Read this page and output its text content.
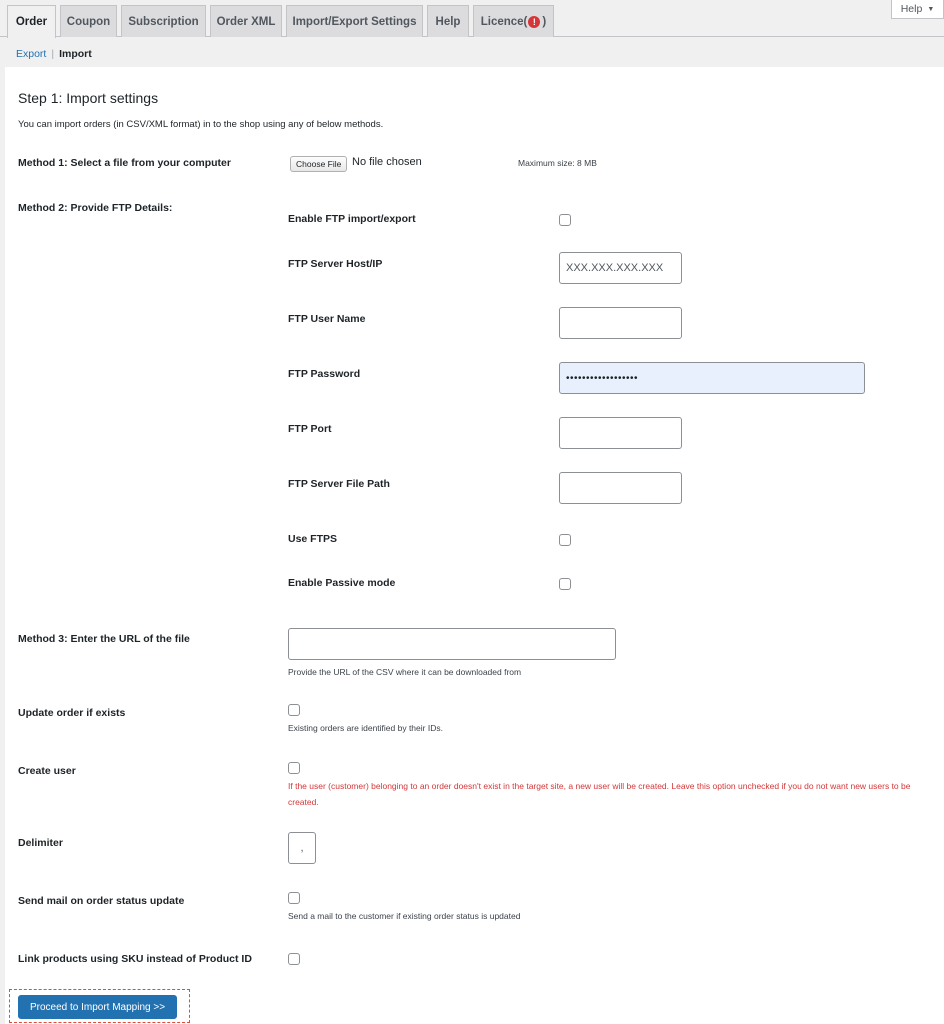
Order	Coupon	Subscription	Order XML	Import/Export Settings	Help	Licence( ! )
Help ▼
Export | Import
Step 1: Import settings
You can import orders (in CSV/XML format) in to the shop using any of below methods.
Method 1: Select a file from your computer	Choose File No file chosen	Maximum size: 8 MB
Method 2: Provide FTP Details:
Enable FTP import/export
FTP Server Host/IP	XXX.XXX.XXX.XXX
FTP User Name
FTP Password	••••••••••••••••••
FTP Port
FTP Server File Path
Use FTPS
Enable Passive mode
Method 3: Enter the URL of the file
Provide the URL of the CSV where it can be downloaded from
Update order if exists
Existing orders are identified by their IDs.
Create user
If the user (customer) belonging to an order doesn't exist in the target site, a new user will be created. Leave this option unchecked if you do not want new users to be created.
Delimiter	,
Send mail on order status update
Send a mail to the customer if existing order status is updated
Link products using SKU instead of Product ID
Proceed to Import Mapping >>
